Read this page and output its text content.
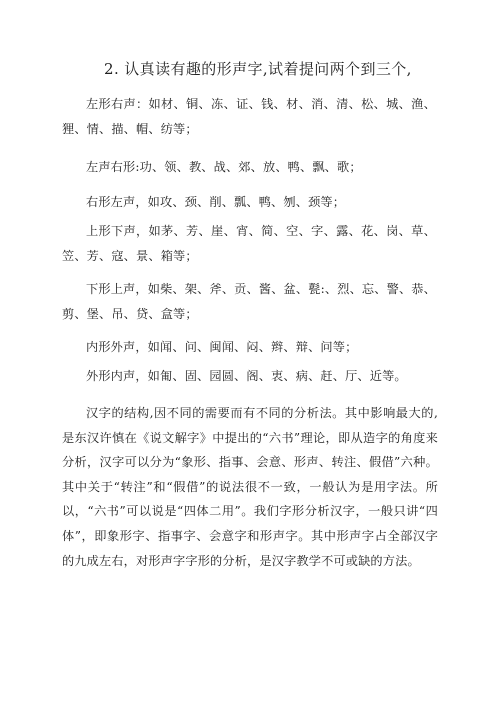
2. 认真读有趣的形声字,试着提问两个到三个,
左形右声：如材、铜、冻、证、钱、材、消、清、松、城、渔、狸、情、描、帽、纺等；
左声右形:功、领、教、战、郊、放、鸭、飘、歌；
右形左声，如攻、颈、削、瓢、鸭、刎、颈等；
上形下声，如茅、芳、崖、宵、简、空、字、露、花、岗、草、笠、芳、寇、景、箱等；
下形上声，如柴、架、斧、贡、酱、盆、甏:、烈、忘、警、恭、剪、堡、吊、贷、盒等；
内形外声，如闻、问、闽闻、闷、辫、辩、问等；
外形内声，如匍、固、园圆、阁、衷、病、赶、厅、近等。
汉字的结构,因不同的需要而有不同的分析法。其中影响最大的,是东汉许慎在《说文解字》中提出的“六书”理论，即从造字的角度来分析，汉字可以分为“象形、指事、会意、形声、转注、假借”六种。其中关于“转注”和“假借”的说法很不一致，一般认为是用字法。所以，“六书”可以说是“四体二用”。我们字形分析汉字，一般只讲“四体”，即象形字、指事字、会意字和形声字。其中形声字占全部汉字的九成左右，对形声字字形的分析，是汉字教学不可或缺的方法。
